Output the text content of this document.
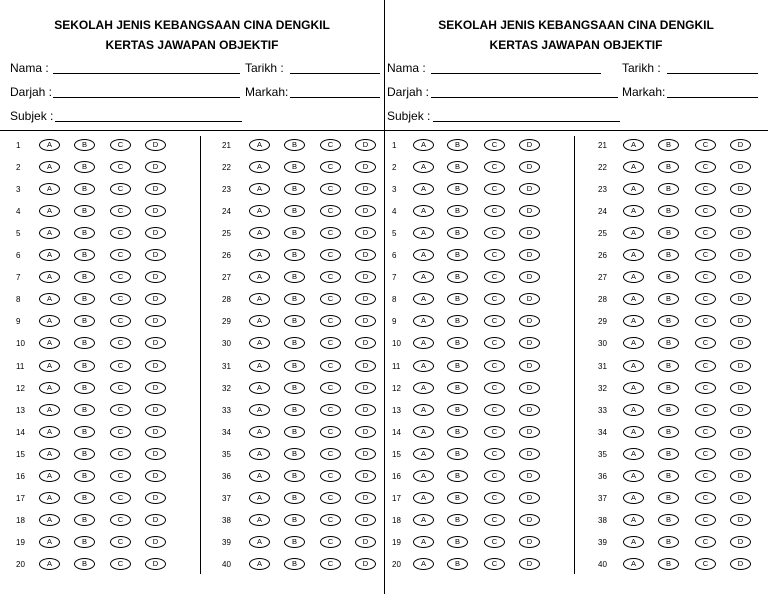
SEKOLAH JENIS KEBANGSAAN CINA DENGKIL
KERTAS JAWAPAN OBJEKTIF
Nama :	Tarikh :
Darjah :	Markah:
Subjek :
1	A	B	C	D
2	A	B	C	D
3	A	B	C	D
4	A	B	C	D
5	A	B	C	D
6	A	B	C	D
7	A	B	C	D
8	A	B	C	D
9	A	B	C	D
10	A	B	C	D
11	A	B	C	D
12	A	B	C	D
13	A	B	C	D
14	A	B	C	D
15	A	B	C	D
16	A	B	C	D
17	A	B	C	D
18	A	B	C	D
19	A	B	C	D
20	A	B	C	D
21	A	B	C	D
22	A	B	C	D
23	A	B	C	D
24	A	B	C	D
25	A	B	C	D
26	A	B	C	D
27	A	B	C	D
28	A	B	C	D
29	A	B	C	D
30	A	B	C	D
31	A	B	C	D
32	A	B	C	D
33	A	B	C	D
34	A	B	C	D
35	A	B	C	D
36	A	B	C	D
37	A	B	C	D
38	A	B	C	D
39	A	B	C	D
40	A	B	C	D
SEKOLAH JENIS KEBANGSAAN CINA DENGKIL
KERTAS JAWAPAN OBJEKTIF
Nama :	Tarikh :
Darjah :	Markah:
Subjek :
1	A	B	C	D
2	A	B	C	D
3	A	B	C	D
4	A	B	C	D
5	A	B	C	D
6	A	B	C	D
7	A	B	C	D
8	A	B	C	D
9	A	B	C	D
10	A	B	C	D
11	A	B	C	D
12	A	B	C	D
13	A	B	C	D
14	A	B	C	D
15	A	B	C	D
16	A	B	C	D
17	A	B	C	D
18	A	B	C	D
19	A	B	C	D
20	A	B	C	D
21	A	B	C	D
22	A	B	C	D
23	A	B	C	D
24	A	B	C	D
25	A	B	C	D
26	A	B	C	D
27	A	B	C	D
28	A	B	C	D
29	A	B	C	D
30	A	B	C	D
31	A	B	C	D
32	A	B	C	D
33	A	B	C	D
34	A	B	C	D
35	A	B	C	D
36	A	B	C	D
37	A	B	C	D
38	A	B	C	D
39	A	B	C	D
40	A	B	C	D
